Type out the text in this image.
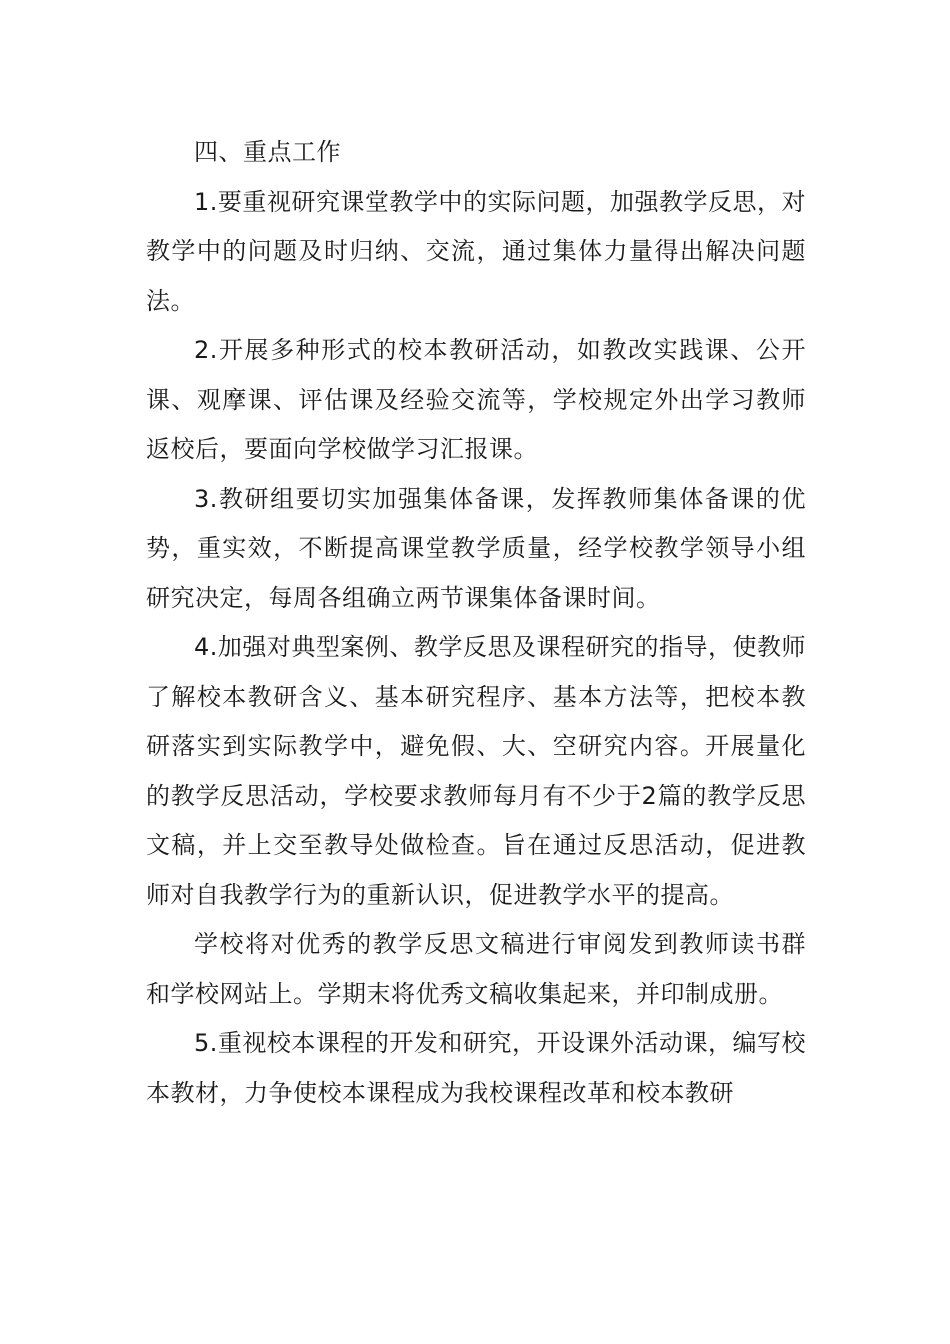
四、重点工作

1.要重视研究课堂教学中的实际问题，加强教学反思，对教学中的问题及时归纳、交流，通过集体力量得出解决问题法。

2.开展多种形式的校本教研活动，如教改实践课、公开课、观摩课、评估课及经验交流等，学校规定外出学习教师返校后，要面向学校做学习汇报课。

3.教研组要切实加强集体备课，发挥教师集体备课的优势，重实效，不断提高课堂教学质量，经学校教学领导小组研究决定，每周各组确立两节课集体备课时间。

4.加强对典型案例、教学反思及课程研究的指导，使教师了解校本教研含义、基本研究程序、基本方法等，把校本教研落实到实际教学中，避免假、大、空研究内容。开展量化的教学反思活动，学校要求教师每月有不少于2篇的教学反思文稿，并上交至教导处做检查。旨在通过反思活动，促进教师对自我教学行为的重新认识，促进教学水平的提高。

学校将对优秀的教学反思文稿进行审阅发到教师读书群和学校网站上。学期末将优秀文稿收集起来，并印制成册。

5.重视校本课程的开发和研究，开设课外活动课，编写校本教材，力争使校本课程成为我校课程改革和校本教研
